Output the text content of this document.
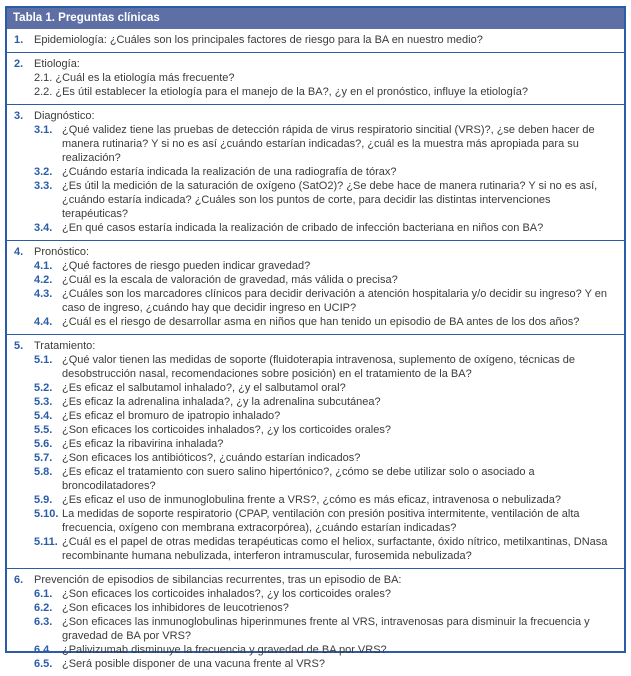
Tabla 1. Preguntas clínicas
1. Epidemiología: ¿Cuáles son los principales factores de riesgo para la BA en nuestro medio?
2. Etiología:
2.1. ¿Cuál es la etiología más frecuente?
2.2. ¿Es útil establecer la etiología para el manejo de la BA?, ¿y en el pronóstico, influye la etiología?
3. Diagnóstico:
3.1. ¿Qué validez tiene las pruebas de detección rápida de virus respiratorio sincitial (VRS)?, ¿se deben hacer de manera rutinaria? Y si no es así ¿cuándo estarían indicadas?, ¿cuál es la muestra más apropiada para su realización?
3.2. ¿Cuándo estaría indicada la realización de una radiografía de tórax?
3.3. ¿Es útil la medición de la saturación de oxígeno (SatO2)? ¿Se debe hace de manera rutinaria? Y si no es así, ¿cuándo estaría indicada? ¿Cuáles son los puntos de corte, para decidir las distintas intervenciones terapéuticas?
3.4. ¿En qué casos estaría indicada la realización de cribado de infección bacteriana en niños con BA?
4. Pronóstico:
4.1. ¿Qué factores de riesgo pueden indicar gravedad?
4.2. ¿Cuál es la escala de valoración de gravedad, más válida o precisa?
4.3. ¿Cuáles son los marcadores clínicos para decidir derivación a atención hospitalaria y/o decidir su ingreso? Y en caso de ingreso, ¿cuándo hay que decidir ingreso en UCIP?
4.4. ¿Cuál es el riesgo de desarrollar asma en niños que han tenido un episodio de BA antes de los dos años?
5. Tratamiento:
5.1. ¿Qué valor tienen las medidas de soporte (fluidoterapia intravenosa, suplemento de oxígeno, técnicas de desobstrucción nasal, recomendaciones sobre posición) en el tratamiento de la BA?
5.2. ¿Es eficaz el salbutamol inhalado?, ¿y el salbutamol oral?
5.3. ¿Es eficaz la adrenalina inhalada?, ¿y la adrenalina subcutánea?
5.4. ¿Es eficaz el bromuro de ipatropio inhalado?
5.5. ¿Son eficaces los corticoides inhalados?, ¿y los corticoides orales?
5.6. ¿Es eficaz la ribavirina inhalada?
5.7. ¿Son eficaces los antibióticos?, ¿cuándo estarían indicados?
5.8. ¿Es eficaz el tratamiento con suero salino hipertónico?, ¿cómo se debe utilizar solo o asociado a broncodilatadores?
5.9. ¿Es eficaz el uso de inmunoglobulina frente a VRS?, ¿cómo es más eficaz, intravenosa o nebulizada?
5.10. La medidas de soporte respiratorio (CPAP, ventilación con presión positiva intermitente, ventilación de alta frecuencia, oxígeno con membrana extracorpórea), ¿cuándo estarían indicadas?
5.11. ¿Cuál es el papel de otras medidas terapéuticas como el heliox, surfactante, óxido nítrico, metilxantinas, DNasa recombinante humana nebulizada, interferon intramuscular, furosemida nebulizada?
6. Prevención de episodios de sibilancias recurrentes, tras un episodio de BA:
6.1. ¿Son eficaces los corticoides inhalados?, ¿y los corticoides orales?
6.2. ¿Son eficaces los inhibidores de leucotrienos?
6.3. ¿Son eficaces las inmunoglobulinas hiperinmunes frente al VRS, intravenosas para disminuir la frecuencia y gravedad de BA por VRS?
6.4. ¿Palivizumab disminuye la frecuencia y gravedad de BA por VRS?
6.5. ¿Será posible disponer de una vacuna frente al VRS?
